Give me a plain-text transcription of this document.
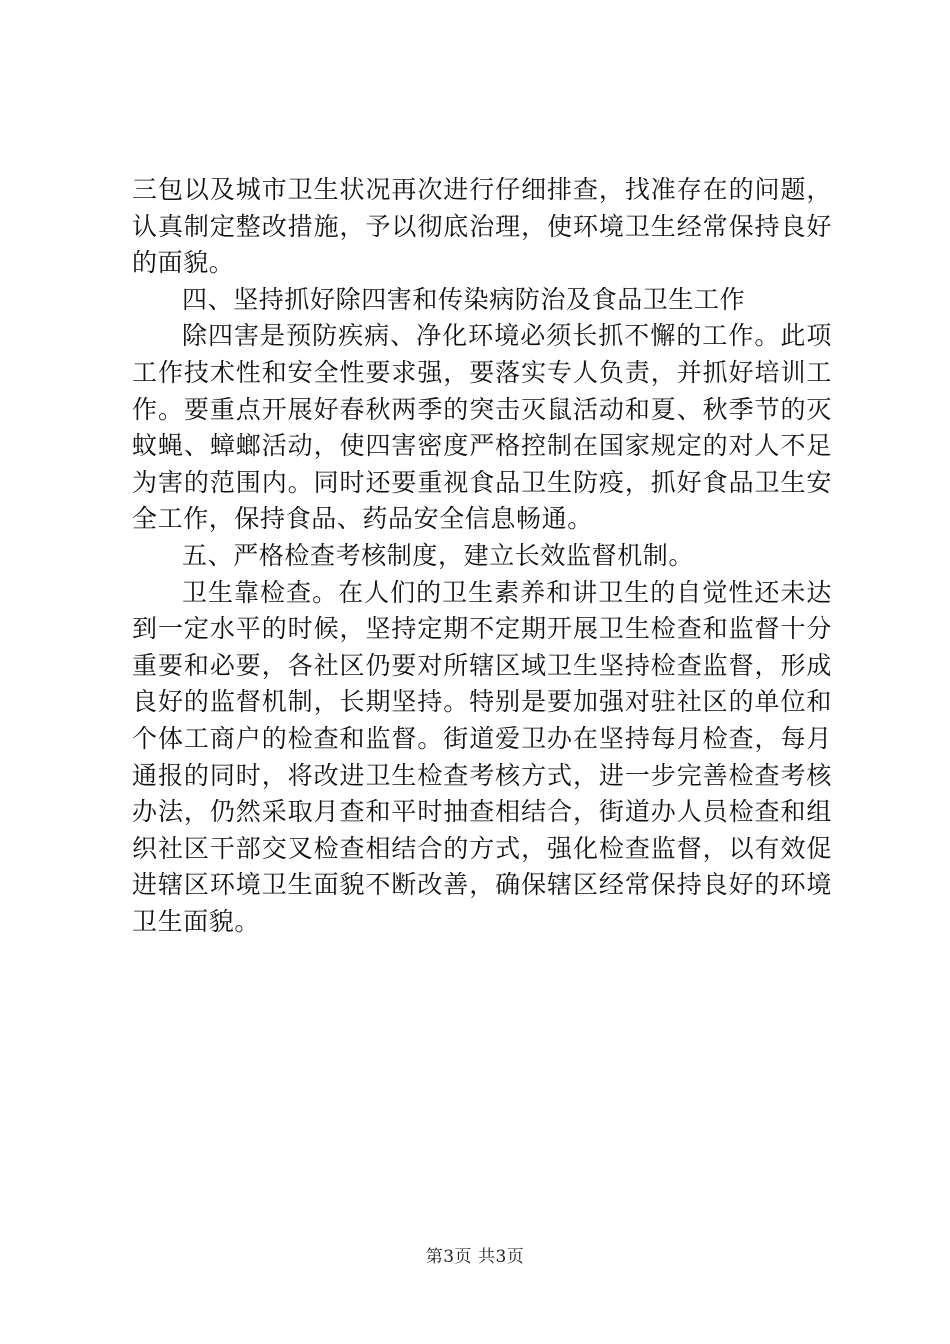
三包以及城市卫生状况再次进行仔细排查，找准存在的问题，
认真制定整改措施，予以彻底治理，使环境卫生经常保持良好
的面貌。
四、坚持抓好除四害和传染病防治及食品卫生工作
除四害是预防疾病、净化环境必须长抓不懈的工作。此项
工作技术性和安全性要求强，要落实专人负责，并抓好培训工
作。要重点开展好春秋两季的突击灭鼠活动和夏、秋季节的灭
蚊蝇、蟑螂活动，使四害密度严格控制在国家规定的对人不足
为害的范围内。同时还要重视食品卫生防疫，抓好食品卫生安
全工作，保持食品、药品安全信息畅通。
五、严格检查考核制度，建立长效监督机制。
卫生靠检查。在人们的卫生素养和讲卫生的自觉性还未达
到一定水平的时候，坚持定期不定期开展卫生检查和监督十分
重要和必要，各社区仍要对所辖区域卫生坚持检查监督，形成
良好的监督机制，长期坚持。特别是要加强对驻社区的单位和
个体工商户的检查和监督。街道爱卫办在坚持每月检查，每月
通报的同时，将改进卫生检查考核方式，进一步完善检查考核
办法，仍然采取月查和平时抽查相结合，街道办人员检查和组
织社区干部交叉检查相结合的方式，强化检查监督，以有效促
进辖区环境卫生面貌不断改善，确保辖区经常保持良好的环境
卫生面貌。
第3页 共3页
